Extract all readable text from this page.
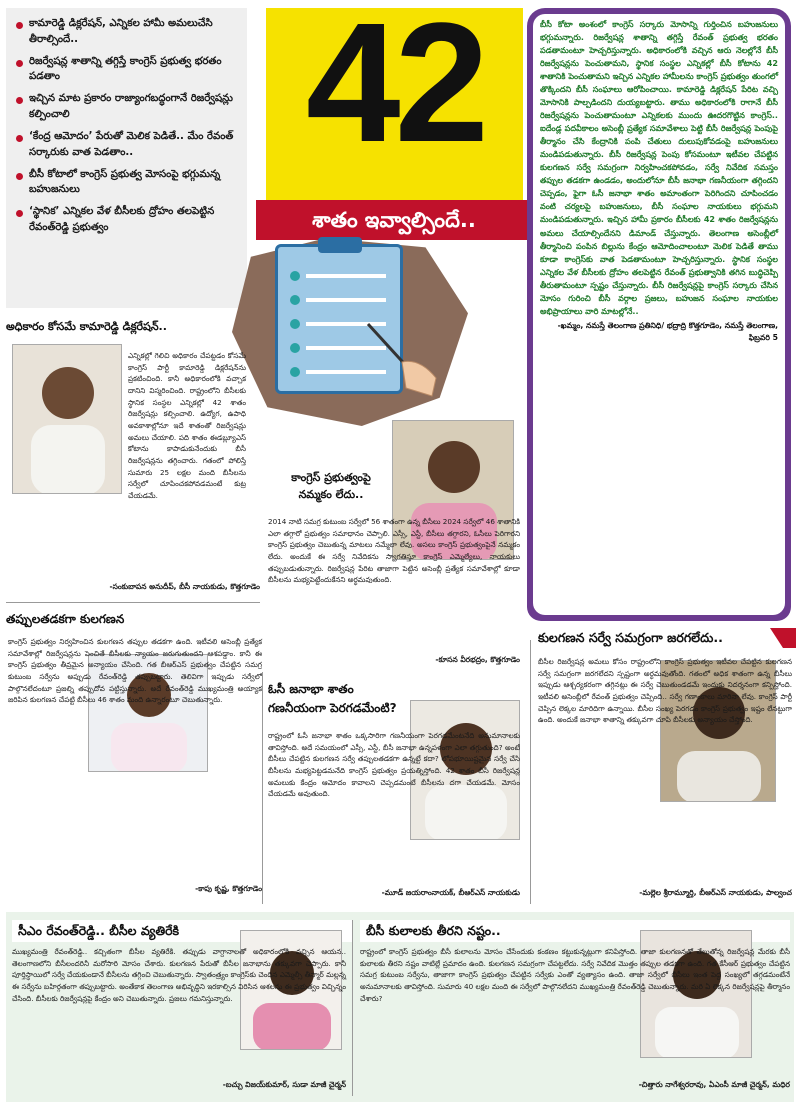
కామారెడ్డి డిక్లరేషన్, ఎన్నికల హామీ అమలుచేసి తీరాల్సిందే..
రిజర్వేషన్ల శాతాన్ని తగ్గిస్తే కాంగ్రెస్ ప్రభుత్వ భరతం పడతాం
ఇచ్చిన మాట ప్రకారం రాజ్యాంగబద్ధంగానే రిజర్వేషన్లు కల్పించాలి
‘కేంద్ర ఆమోదం’ పేరుతో మెలిక పెడితే.. మేం రేవంత్ సర్కారుకు వాత పెడతాం..
బీసీ కోటాలో కాంగ్రెస్ ప్రభుత్వ మోసంపై భగ్గుమన్న బహుజనులు
‘స్థానిక’ ఎన్నికల వేళ బీసీలకు ద్రోహం తలపెట్టిన రేవంత్‌రెడ్డి ప్రభుత్వం
42
శాతం ఇవ్వాల్సిందే..
బీసీ కోటా అంశంలో కాంగ్రెస్ సర్కారు మోసాన్ని గుర్తించిన బహుజనులు భగ్గుమన్నారు. రిజర్వేషన్ల శాతాన్ని తగ్గిస్తే రేవంత్ ప్రభుత్వ భరతం పడతామంటూ హెచ్చరిస్తున్నారు. అధికారంలోకి వచ్చిన ఆరు నెలల్లోనే బీసీ రిజర్వేషన్లను పెంచుతామని, స్థానిక సంస్థల ఎన్నికల్లో బీసీ కోటాను 42 శాతానికి పెంచుతామని ఇచ్చిన ఎన్నికల హామీలను కాంగ్రెస్ ప్రభుత్వం తుంగలో తొక్కిందని బీసీ సంఘాలు ఆరోపించాయి. కామారెడ్డి డిక్లరేషన్ పేరిట వచ్చి మోసానికి పాల్పడిందని దుయ్యబట్టారు. తాము అధికారంలోకి రాగానే బీసీ రిజర్వేషన్లను పెంచుతామంటూ ఎన్నికలకు ముందు ఊదరగొట్టిన కాంగ్రెస్.. ఐదేండ్ల పదవీకాలం అసెంబ్లీ ప్రత్యేక సమావేశాలు పెట్టి బీసీ రిజర్వేషన్ల పెంపుపై తీర్మానం చేసి కేంద్రానికి పంపి చేతులు దులుపుకోవడంపై బహుజనులు మండిపడుతున్నారు. బీసీ రిజర్వేషన్ల పెంపు కోసమంటూ ఇటీవల చేపట్టిన కులగణన సర్వే సమగ్రంగా నిర్వహించకపోవడం, సర్వే నివేదిక సమస్తం తప్పుల తడకగా ఉండడం, అందులోనూ బీసీ జనాభా గణనీయంగా తగ్గిందని చెప్పడం, ఫైగా ఓసీ జనాభా శాతం అమాంతంగా పెరిగిందని చూపించడం వంటి చర్యలపై బహుజనులు, బీసీ సంఘాల నాయకులు భగ్గుమని మండిపడుతున్నారు. ఇచ్చిన హామీ ప్రకారం బీసీలకు 42 శాతం రిజర్వేషన్లను అమలు చేయాల్సిందేనని డిమాండ్ చేస్తున్నారు. తెలంగాణ అసెంబ్లీలో తీర్మానించి పంపిన బిల్లును కేంద్రం ఆమోదించాలంటూ మెలిక పెడితే తాము కూడా కాంగ్రెస్‌కు వాత పెడతామంటూ హెచ్చరిస్తున్నారు. స్థానిక సంస్థల ఎన్నికల వేళ బీసీలకు ద్రోహం తలపెట్టిన రేవంత్ ప్రభుత్వానికి తగిన బుద్ధిచెప్పి తీరుతామంటూ స్పష్టం చేస్తున్నారు. బీసీ రిజర్వేషన్లపై కాంగ్రెస్ సర్కారు చేసిన మోసం గురించి బీసీ వర్గాల ప్రజలు, బహుజన సంఘాల నాయకుల అభిప్రాయాలు వారి మాటల్లోనే..
-ఖమ్మం, నమస్తే తెలంగాణ ప్రతినిధి/ భద్రాద్రి కొత్తగూడెం, నమస్తే తెలంగాణ, ఫిబ్రవరి 5
అధికారం కోసమే కామారెడ్డి డిక్లరేషన్..
ఎన్నికల్లో గెలిచి అధికారం చేపట్టడం కోసమే కాంగ్రెస్ పార్టీ కామారెడ్డి డిక్లరేషన్‌ను ప్రకటించింది. కానీ అధికారంలోకి వచ్చాక దానిని విస్మరించింది. రాష్ట్రంలోని బీసీలకు స్థానిక సంస్థల ఎన్నికల్లో 42 శాతం రిజర్వేషన్లు కల్పించాలి. ఉద్యోగ, ఉపాధి అవకాశాల్లోనూ ఇదే శాతంతో రిజర్వేషన్లు అమలు చేయాలి. పది శాతం ఈడబ్ల్యూఎస్ కోటాను కాపాడుకునేందుకు బీసీ రిజర్వేషన్లను తగ్గించారు. గతంలో పోలిస్తే సుమారు 25 లక్షల మంది బీసీలను సర్వేలో చూపించకపోవడమంటే కుట్ర చేయడమే.
-సంకుబాపన అనుదీప్, బీసీ నాయకుడు, కొత్తగూడెం
కాంగ్రెస్ ప్రభుత్వంపై
నమ్మకం లేదు..
2014 నాటి సమగ్ర కుటుంబ సర్వేలో 56 శాతంగా ఉన్న బీసీలు 2024 సర్వేలో 46 శాతానికి ఎలా తగ్గారో ప్రభుత్వం సమాధానం చెప్పాలి. ఎస్సీ, ఎస్టీ, బీసీలు తగ్గారని, ఓసీలు పెరిగారని కాంగ్రెస్ ప్రభుత్వం చెబుతున్న మాటలు నమ్మేలా లేవు. అసలు కాంగ్రెస్ ప్రభుత్వంపైనే నమ్మకం లేదు. అందుకే ఈ సర్వే నివేదికను స్వాగతిస్తూ కాంగ్రెస్ ఎమ్మెల్యేలు, నాయకులు తప్పుబడుతున్నారు. రిజర్వేషన్ల పేరిట తాజాగా పెట్టిన అసెంబ్లీ ప్రత్యేక సమావేశాల్లో కూడా బీసీలను మభ్యపెట్టేందుకేనని అర్థమవుతుంది.
-కూసన వీరభద్రం, కొత్తగూడెం
తప్పులతడకగా కులగణన
కాంగ్రెస్ ప్రభుత్వం నిర్వహించిన కులగణన తప్పుల తడకగా ఉంది. ఇటీవలి అసెంబ్లీ ప్రత్యేక సమావేశాల్లో రిజర్వేషన్లను పెంచితే బీసీలకు న్యాయం జరుగుతుందని ఆశపడ్డాం. కానీ ఈ కాంగ్రెస్ ప్రభుత్వం తీవ్రమైన అన్యాయం చేసింది. గత బీఆర్‌ఎస్ ప్రభుత్వం చేపట్టిన సమగ్ర కుటుంబ సర్వేను అప్పుడు రేవంత్‌రెడ్డి తప్పుబట్టారు. తెలివిగా ఇప్పుడు సర్వేలో పాల్గొనలేదంటూ ప్రజల్ని తప్పుదోవ పట్టిస్తున్నారు. అదే రేవంత్‌రెడ్డి ముఖ్యమంత్రి అయ్యాక జరిపిన కులగణన చేపట్టి బీసీలు 46 శాతం మంది ఉన్నారంటూ చెబుతున్నారు.
-కాపు కృష్ణ, కొత్తగూడెం
ఓసీ జనాభా శాతం
గణనీయంగా పెరగడమేంటి?
రాష్ట్రంలో ఓసీ జనాభా శాతం ఒక్కసారిగా గణనీయంగా పెరగడమేంటనేది అనుమానాలకు తావిస్తోంది. అదే సమయంలో ఎస్సీ, ఎస్టీ, బీసీ జనాభా ఉన్నపళంగా ఎలా తగ్గుతుంది? అంటే బీసీలు చేపట్టిన కులగణన సర్వే తప్పులతడకగా ఉన్నట్టే కదా? లోపభూయిష్టమైన సర్వే చేసి బీసీలను మభ్యపెట్టడమనేది కాంగ్రెస్ ప్రభుత్వం ప్రయత్నిస్తోంది. 42 శాతం బీసీ రిజర్వేషన్ల అమలుకు కేంద్రం ఆమోదం కావాలని చెప్పడమంటే బీసీలను దగా చేయడమే. మోసం చేయడమే అవుతుంది.
-మూడ్ జయరాంనాయక్, బీఆర్‌ఎస్ నాయకుడు
కులగణన సర్వే సమగ్రంగా జరగలేదు..
బీసీల రిజర్వేషన్ల అమలు కోసం రాష్ట్రంలోని కాంగ్రెస్ ప్రభుత్వం ఇటీవల చేపట్టిన కులగణన సర్వే సమగ్రంగా జరగలేదని స్పష్టంగా అర్థమవుతోంది. గతంలో అధిక శాతంగా ఉన్న బీసీలు ఇప్పుడు ఆశ్చర్యకరంగా తగ్గినట్లు ఈ సర్వే చెబుతుండడమే ఇందుకు నిదర్శనంగా కన్పిస్తోంది. ఇటీవలి అసెంబ్లీలో రేవంత్ ప్రభుత్వం చెప్పింది.. సర్వే గణాంకాలు మారినా లేవు. కాంగ్రెస్ పార్టీ చెప్పిన లెక్కల మారిదిగా ఉన్నాయి. బీసీల సంఖ్య పెరగడం కాంగ్రెస్ ప్రభుత్వం ఇష్టం లేనట్టుగా ఉంది. అందుకే జనాభా శాతాన్ని తక్కువగా చూపి బీసీలకు అన్యాయం చేస్తోంది.
-మల్లెల శ్రీరామ్మూర్తి, బీఆర్‌ఎస్ నాయకుడు, పాల్వంచ
సీఎం రేవంత్‌రెడ్డి.. బీసీల వ్యతిరేకి
ముఖ్యమంత్రి రేవంత్‌రెడ్డి.. కచ్చితంగా బీసీల వ్యతిరేకి. తప్పుడు వాగ్దానాలతో అధికారంలోకి వచ్చిన ఆయన.. తెలంగాణలోని బీసీలందరినీ మరోసారి మోసం చేశారు. కులగణన పేరుతో బీసీల జనాభాను తక్కువగా చెప్పారు. కానీ పూర్తిస్థాయిలో సర్వే చేయకుండానే బీసీలను తగ్గించి చెబుతున్నారు. స్వాతంత్ర్యం కాంగ్రెస్‌కు చెందిన ఎమ్మెల్సీ తీన్మార్ మల్లన్న ఈ సర్వేను బహిర్గతంగా తప్పుబట్టారు. అంతేకాక తెలంగాణ అభివృద్ధిని ఇరకాల్సిన విరిసిన ఆశలను ఈ ప్రభుత్వం విచ్ఛిన్నం చేసింది. బీసీలకు రిజర్వేషన్లపై కేంద్రం అని చెబుతున్నారు. ప్రజలు గమనిస్తున్నారు.
-బచ్చు విజయ్‌కుమార్, సుడా మాజీ చైర్మన్
బీసీ కులాలకు తీరని నష్టం..
రాష్ట్రంలో కాంగ్రెస్ ప్రభుత్వం బీసీ కులాలను మోసం చేసేందుకు కంకణం కట్టుకున్నట్లుగా కనిపిస్తోంది. తాజా కులగణనతో తేలుతోన్న రిజర్వేషన్ల మేరకు బీసీ కులాలకు తీరని నష్టం వాటిల్లే ప్రమాదం ఉంది. కులగణన సమగ్రంగా చేపట్టలేదు. సర్వే నివేదిక మొత్తం తప్పుల తడకగా ఉంది. గత కేసీఆర్ ప్రభుత్వం చేపట్టిన సమగ్ర కుటుంబ సర్వేను, తాజాగా కాంగ్రెస్ ప్రభుత్వం చేపట్టిన సర్వేకు ఎంతో వ్యత్యాసం ఉంది. తాజా సర్వేలో బీసీలు ఇంత పెద్ద సంఖ్యలో తగ్గడమంటేనే అనుమానాలకు తావిస్తోంది. సుమారు 40 లక్షల మంది ఈ సర్వేలో పాల్గొనలేదని ముఖ్యమంత్రి రేవంత్‌రెడ్డి చెబుతున్నారు. మరి ఏ లెక్కన రిజర్వేషన్లపై తీర్మానం చేశారు?
-చిత్తారు నాగేశ్వరరావు, ఏఎంసీ మాజీ చైర్మన్, మధిర
